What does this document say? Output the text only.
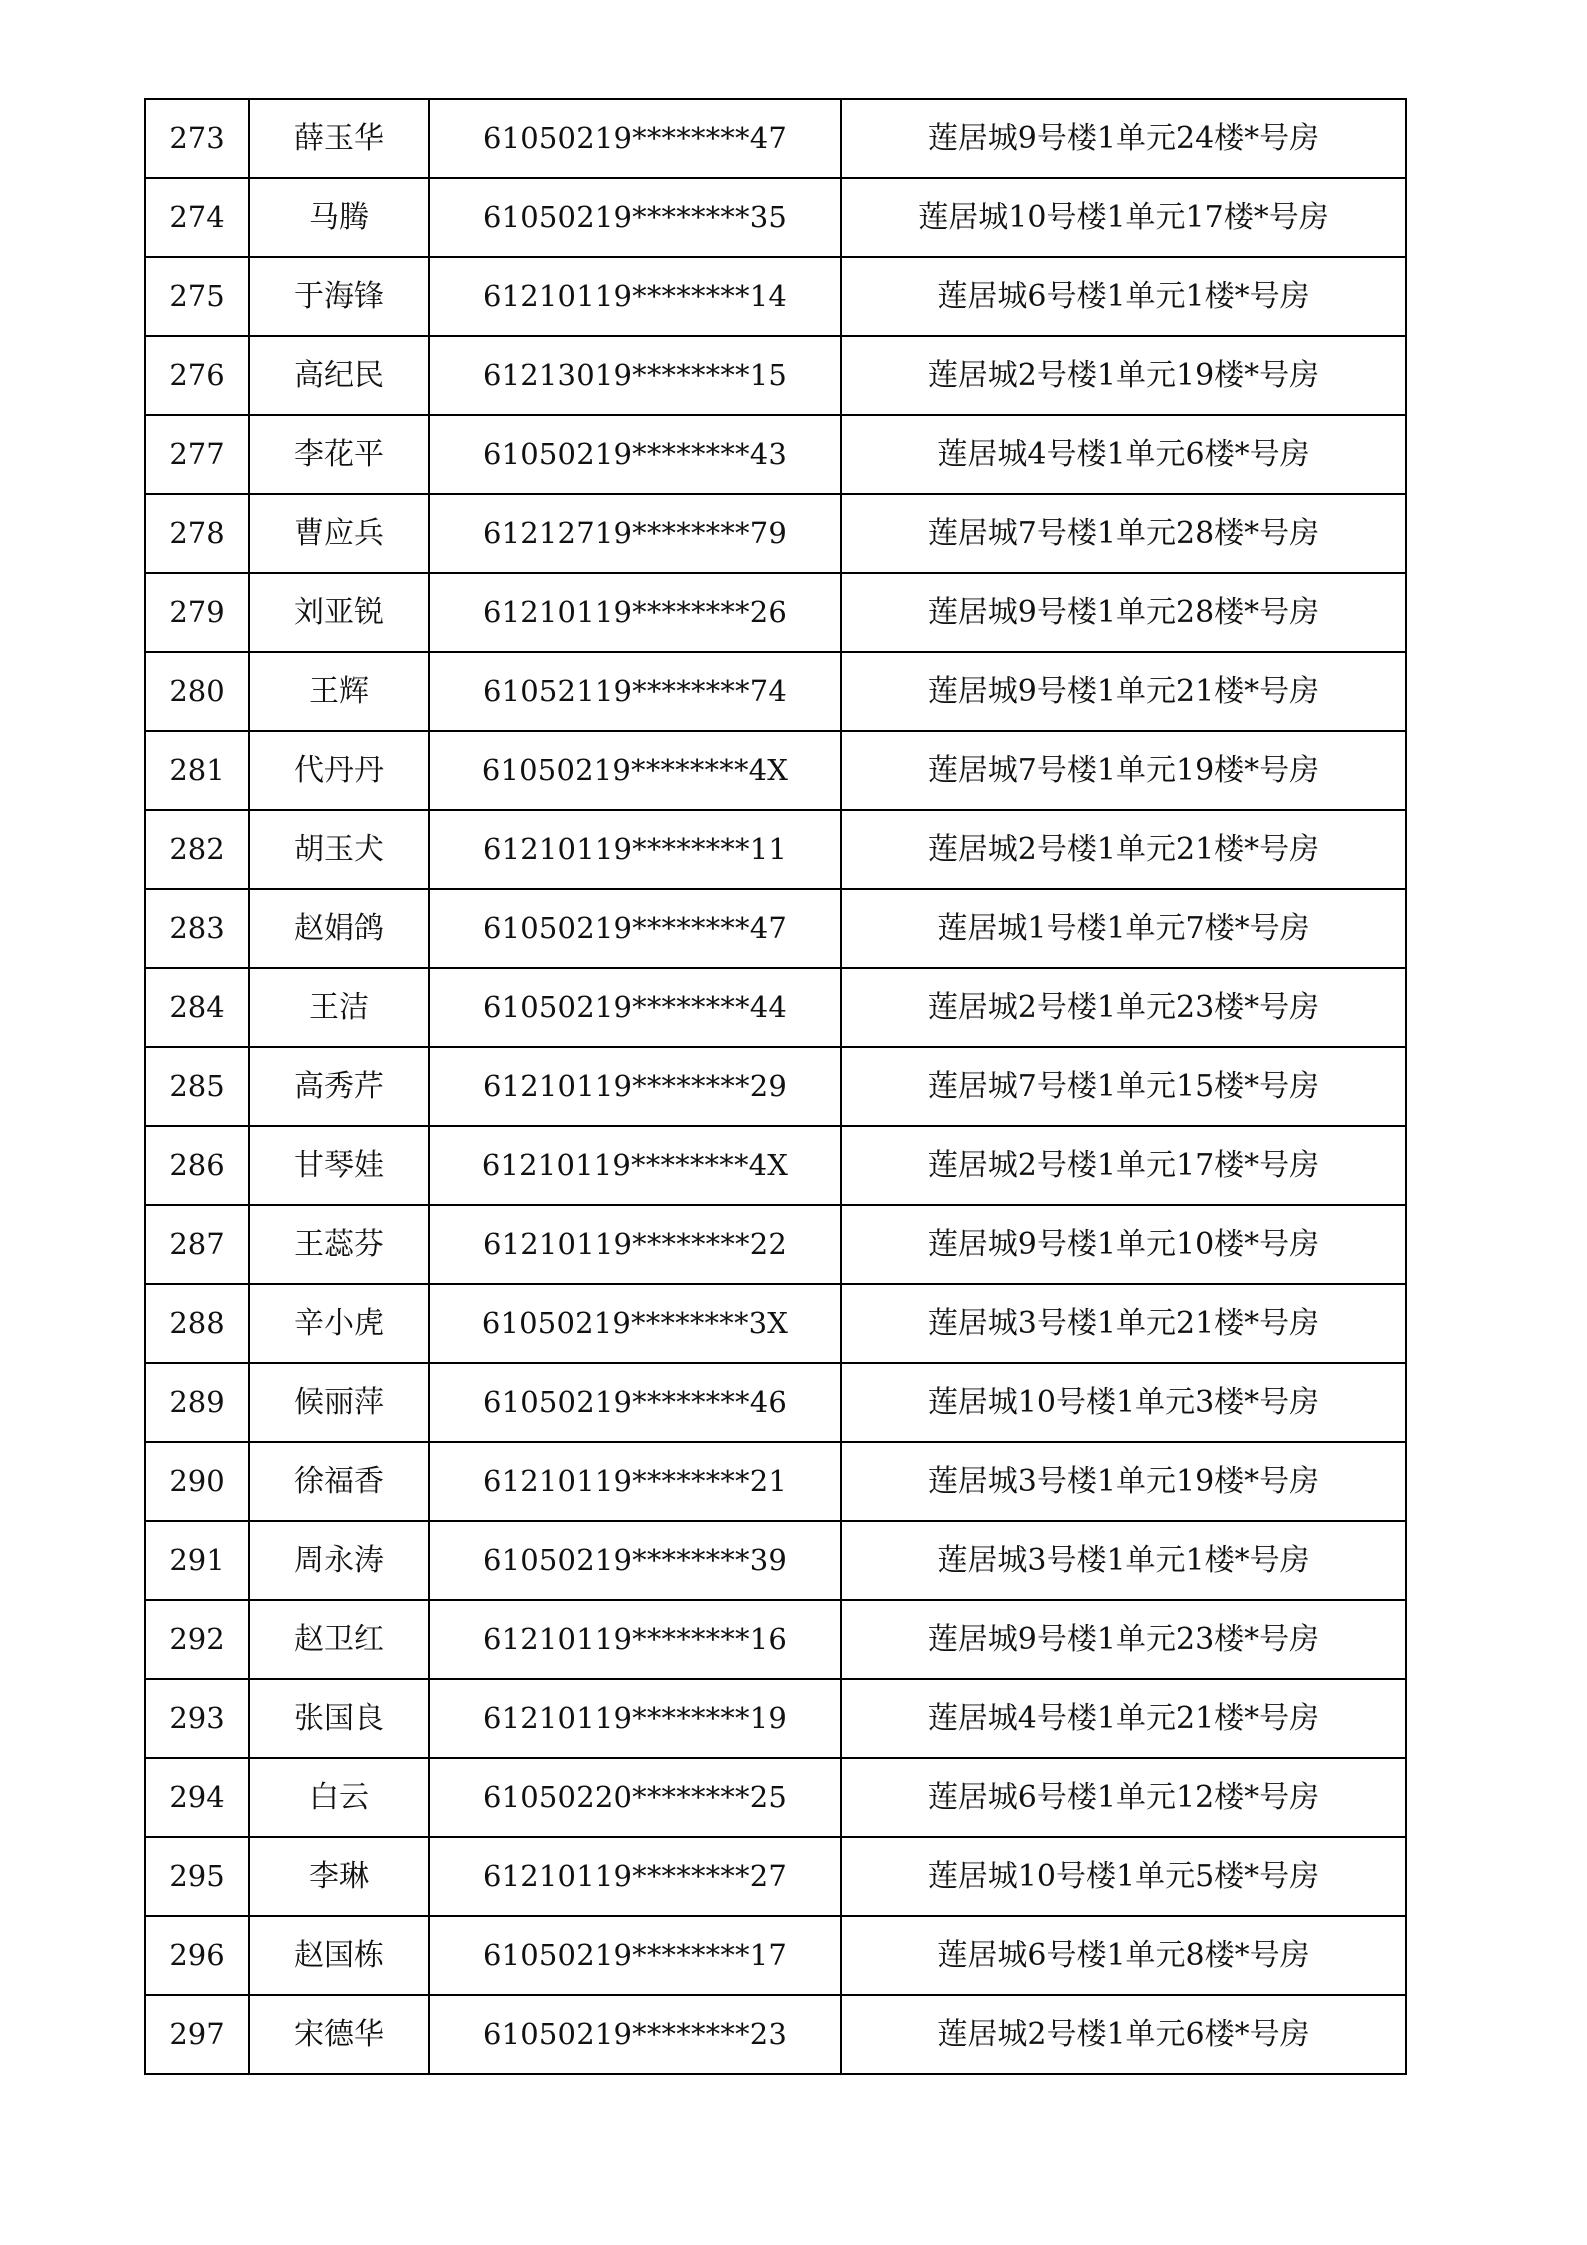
273	薛玉华	61050219********47	莲居城9号楼1单元24楼*号房
274	马腾	61050219********35	莲居城10号楼1单元17楼*号房
275	于海锋	61210119********14	莲居城6号楼1单元1楼*号房
276	高纪民	61213019********15	莲居城2号楼1单元19楼*号房
277	李花平	61050219********43	莲居城4号楼1单元6楼*号房
278	曹应兵	61212719********79	莲居城7号楼1单元28楼*号房
279	刘亚锐	61210119********26	莲居城9号楼1单元28楼*号房
280	王辉	61052119********74	莲居城9号楼1单元21楼*号房
281	代丹丹	61050219********4X	莲居城7号楼1单元19楼*号房
282	胡玉犬	61210119********11	莲居城2号楼1单元21楼*号房
283	赵娟鸽	61050219********47	莲居城1号楼1单元7楼*号房
284	王洁	61050219********44	莲居城2号楼1单元23楼*号房
285	高秀芹	61210119********29	莲居城7号楼1单元15楼*号房
286	甘琴娃	61210119********4X	莲居城2号楼1单元17楼*号房
287	王蕊芬	61210119********22	莲居城9号楼1单元10楼*号房
288	辛小虎	61050219********3X	莲居城3号楼1单元21楼*号房
289	候丽萍	61050219********46	莲居城10号楼1单元3楼*号房
290	徐福香	61210119********21	莲居城3号楼1单元19楼*号房
291	周永涛	61050219********39	莲居城3号楼1单元1楼*号房
292	赵卫红	61210119********16	莲居城9号楼1单元23楼*号房
293	张国良	61210119********19	莲居城4号楼1单元21楼*号房
294	白云	61050220********25	莲居城6号楼1单元12楼*号房
295	李琳	61210119********27	莲居城10号楼1单元5楼*号房
296	赵国栋	61050219********17	莲居城6号楼1单元8楼*号房
297	宋德华	61050219********23	莲居城2号楼1单元6楼*号房
